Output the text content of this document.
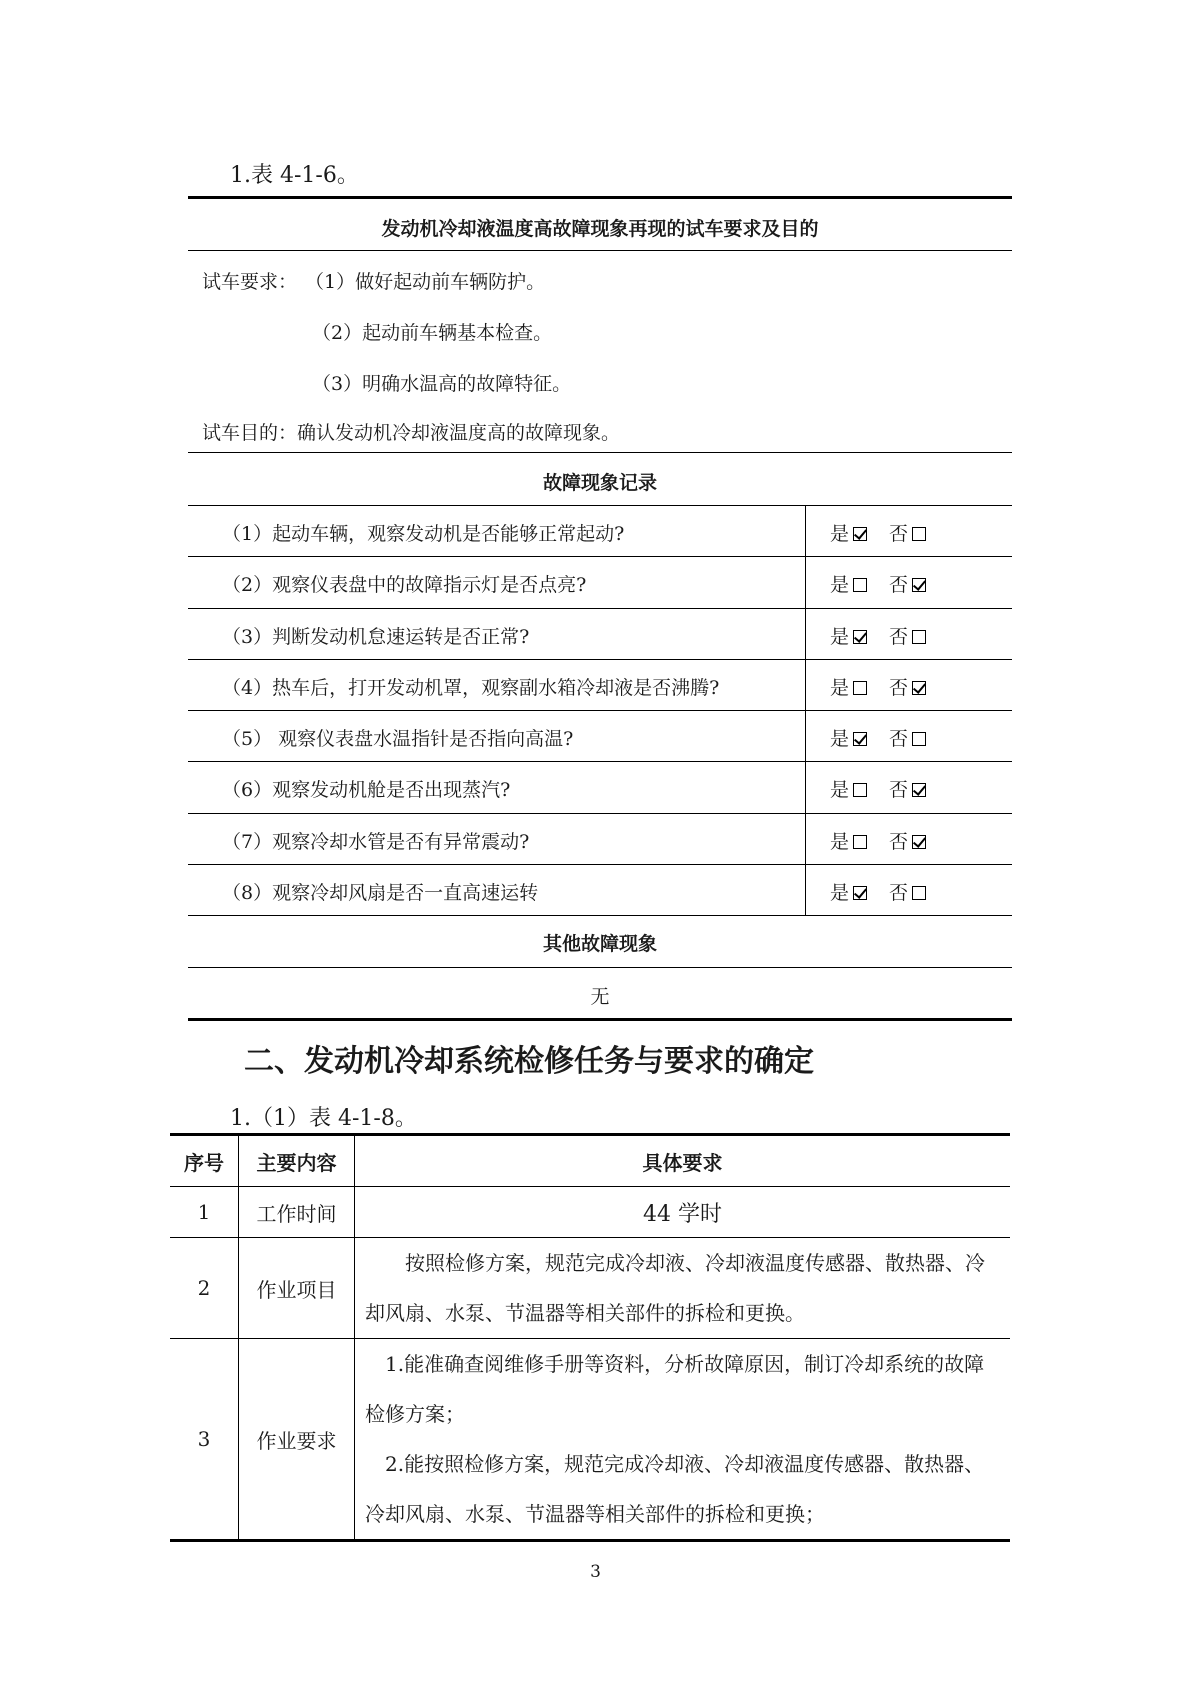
1.表 4-1-6。
发动机冷却液温度高故障现象再现的试车要求及目的
试车要求： （1）做好起动前车辆防护。
（2）起动前车辆基本检查。
（3）明确水温高的故障特征。
试车目的：确认发动机冷却液温度高的故障现象。
故障现象记录
（1）起动车辆，观察发动机是否能够正常起动?	是 否
（2）观察仪表盘中的故障指示灯是否点亮?	是 否
（3）判断发动机怠速运转是否正常?	是 否
（4）热车后，打开发动机罩，观察副水箱冷却液是否沸腾?	是 否
（5） 观察仪表盘水温指针是否指向高温?	是 否
（6）观察发动机舱是否出现蒸汽?	是 否
（7）观察冷却水管是否有异常震动?	是 否
（8）观察冷却风扇是否一直高速运转	是 否
其他故障现象
无
二、发动机冷却系统检修任务与要求的确定
1.（1）表 4-1-8。
序号	主要内容	具体要求
1	工作时间	44 学时
2	作业项目	按照检修方案，规范完成冷却液、冷却液温度传感器、散热器、冷却风扇、水泵、节温器等相关部件的拆检和更换。
3	作业要求	1.能准确查阅维修手册等资料，分析故障原因，制订冷却系统的故障检修方案；
2.能按照检修方案，规范完成冷却液、冷却液温度传感器、散热器、冷却风扇、水泵、节温器等相关部件的拆检和更换；
3
